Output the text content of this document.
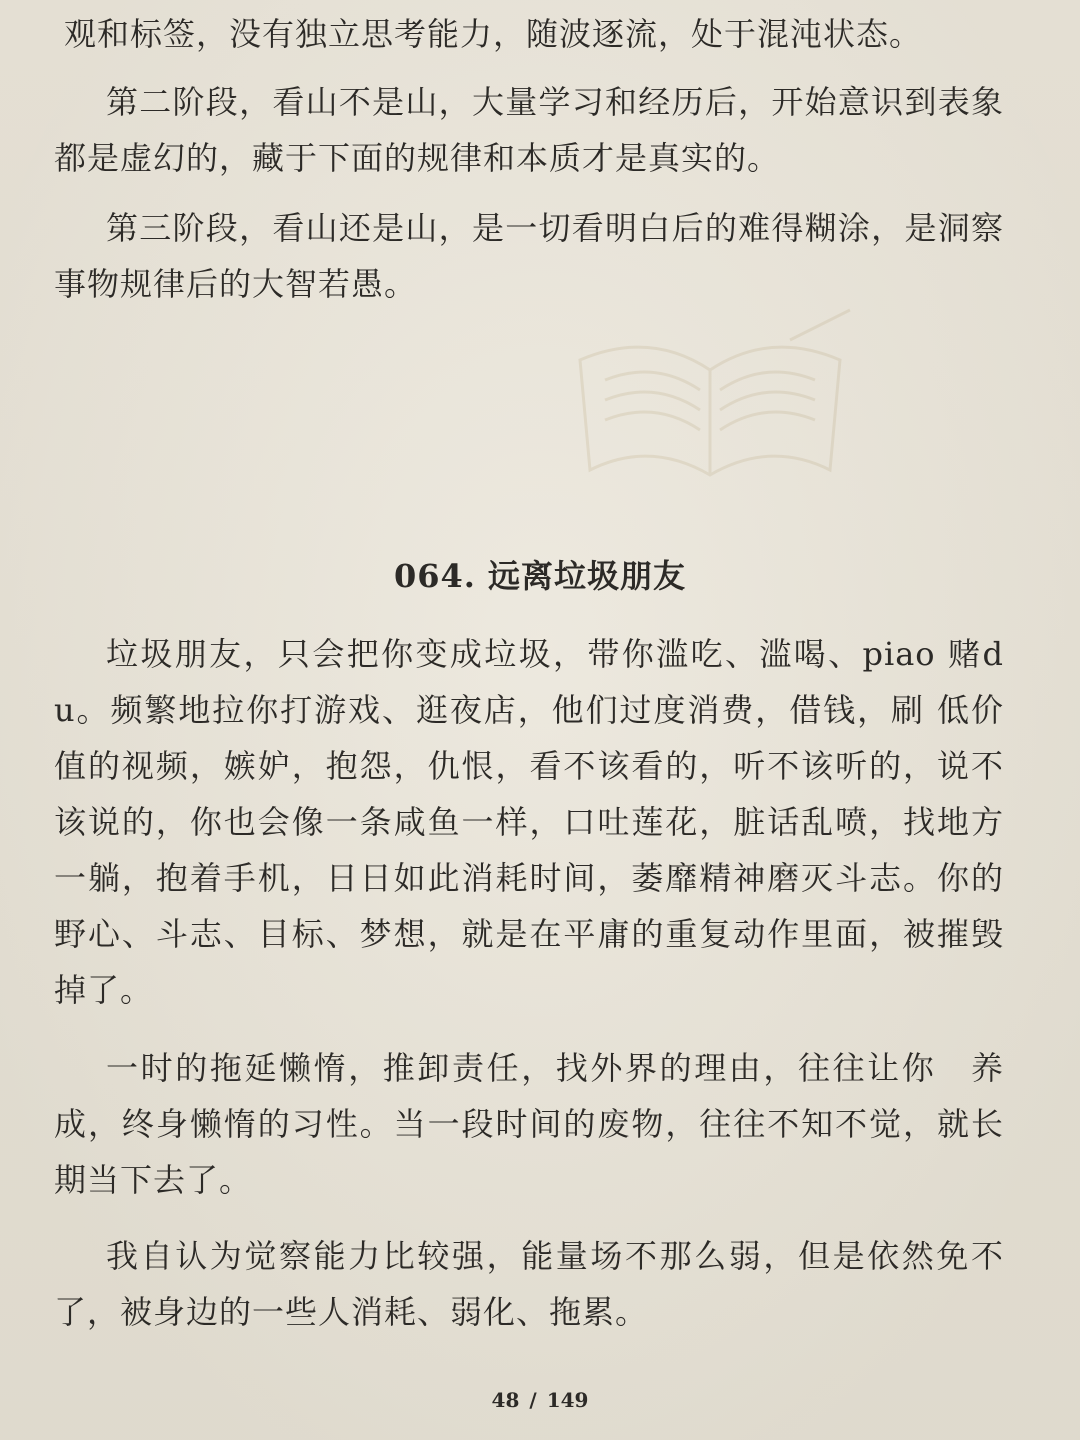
观和标签，没有独立思考能力，随波逐流，处于混沌状态。

第二阶段，看山不是山，大量学习和经历后，开始意识到表象都是虚幻的，藏于下面的规律和本质才是真实的。

第三阶段，看山还是山，是一切看明白后的难得糊涂，是洞察事物规律后的大智若愚。

064. 远离垃圾朋友

垃圾朋友，只会把你变成垃圾，带你滥吃、滥喝、piao 赌du。频繁地拉你打游戏、逛夜店，他们过度消费，借钱，刷 低价值的视频，嫉妒，抱怨，仇恨，看不该看的，听不该听的，说不该说的，你也会像一条咸鱼一样，口吐莲花，脏话乱喷，找地方一躺，抱着手机，日日如此消耗时间，萎靡精神磨灭斗志。你的野心、斗志、目标、梦想，就是在平庸的重复动作里面，被摧毁掉了。

一时的拖延懒惰，推卸责任，找外界的理由，往往让你　养成，终身懒惰的习性。当一段时间的废物，往往不知不觉，就长期当下去了。

我自认为觉察能力比较强，能量场不那么弱，但是依然免不了，被身边的一些人消耗、弱化、拖累。

48 / 149
